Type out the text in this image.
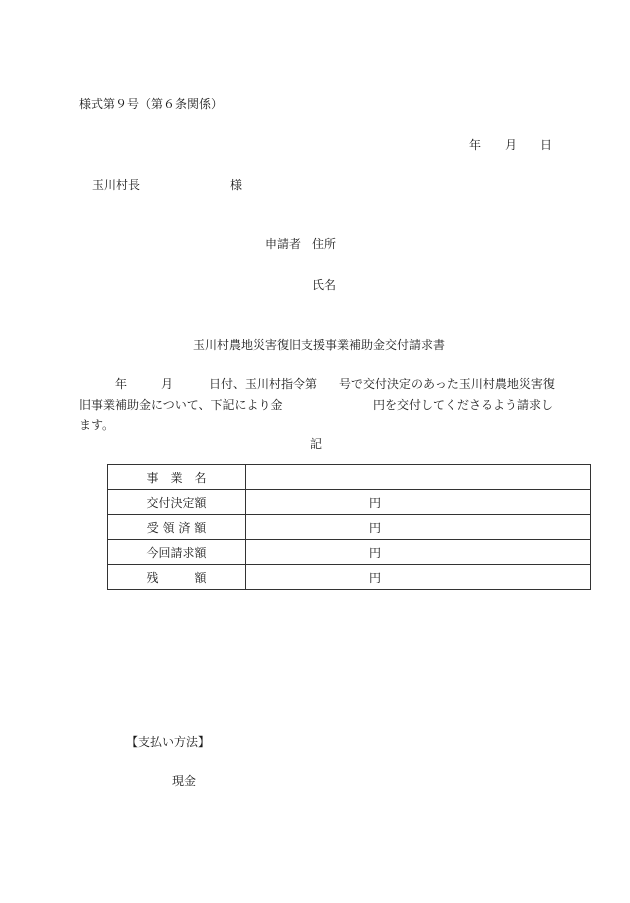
様式第９号（第６条関係）
年 月 日
玉川村長	様
申請者 住所
氏名
玉川村農地災害復旧支援事業補助金交付請求書
年	月	日付、玉川村指令第 号で交付決定のあった玉川村農地災害復
旧事業補助金について、下記により金	円を交付してくださるよう請求し
ます。
記
事　業　名	

交付決定額	円

受 領 済 額	円

今回請求額	円

残　　　額	円
【支払い方法】
現金
